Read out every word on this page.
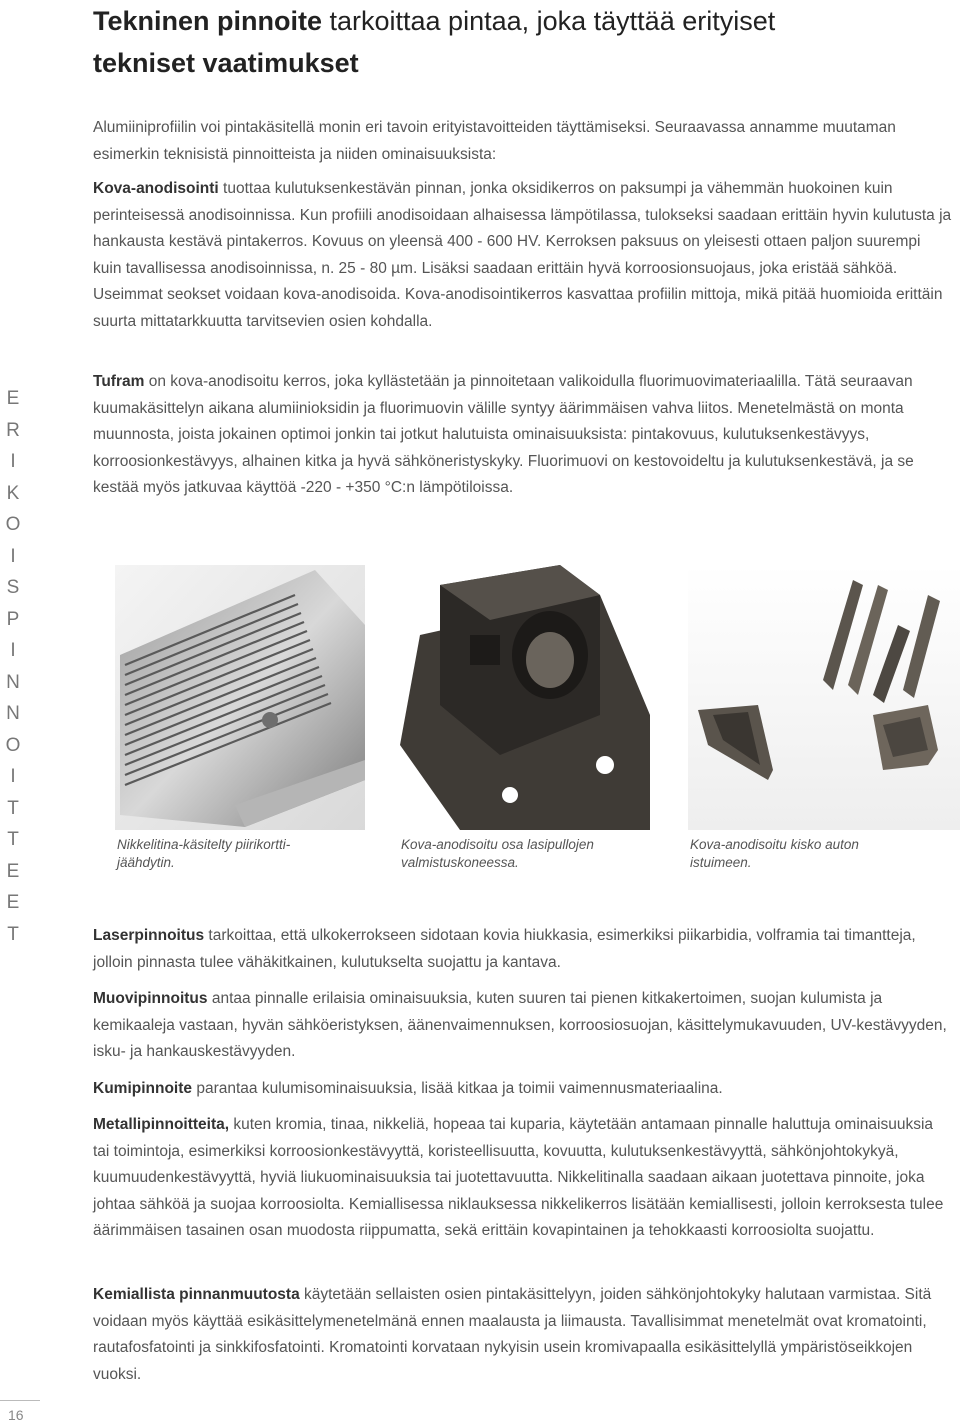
Tekninen pinnoite tarkoittaa pintaa, joka täyttää erityiset
tekniset vaatimukset

Alumiiniprofiilin voi pintakäsitellä monin eri tavoin erityistavoitteiden täyttämiseksi. Seuraavassa annamme muutaman esimerkin teknisistä pinnoitteista ja niiden ominaisuuksista:

Kova-anodisointi tuottaa kulutuksenkestävän pinnan, jonka oksidikerros on paksumpi ja vähemmän huokoinen kuin perinteisessä anodisoinnissa. Kun profiili anodisoidaan alhaisessa lämpötilassa, tulokseksi saadaan erittäin hyvin kulutusta ja hankausta kestävä pintakerros. Kovuus on yleensä 400 - 600 HV. Kerroksen paksuus on yleisesti ottaen paljon suurempi kuin tavallisessa anodisoinnissa, n. 25 - 80 µm. Lisäksi saadaan erittäin hyvä korroosionsuojaus, joka eristää sähköä. Useimmat seokset voidaan kova-anodisoida. Kova-anodisointikerros kasvattaa profiilin mittoja, mikä pitää huomioida erittäin suurta mittatarkkuutta tarvitsevien osien kohdalla.

Tufram on kova-anodisoitu kerros, joka kyllästetään ja pinnoitetaan valikoidulla fluorimuovimateriaalilla. Tätä seuraavan kuumakäsittelyn aikana alumiinioksidin ja fluorimuovin välille syntyy äärimmäisen vahva liitos. Menetelmästä on monta muunnosta, joista jokainen optimoi jonkin tai jotkut halutuista ominaisuuksista: pintakovuus, kulutuksenkestävyys, korroosionkestävyys, alhainen kitka ja hyvä sähköneristyskyky. Fluorimuovi on kestovoideltu ja kulutuksenkestävä, ja se kestää myös jatkuvaa käyttöä -220 - +350 °C:n lämpötiloissa.

Nikkelitina-käsitelty piirikortti-jäähdytin.

Kova-anodisoitu osa lasipullojen valmistuskoneessa.

Kova-anodisoitu kisko auton istuimeen.

Laserpinnoitus tarkoittaa, että ulkokerrokseen sidotaan kovia hiukkasia, esimerkiksi piikarbidia, volframia tai timantteja, jolloin pinnasta tulee vähäkitkainen, kulutukselta suojattu ja kantava.

Muovipinnoitus antaa pinnalle erilaisia ominaisuuksia, kuten suuren tai pienen kitkakertoimen, suojan kulumista ja kemikaaleja vastaan, hyvän sähköeristyksen, äänenvaimennuksen, korroosiosuojan, käsittelymukavuuden, UV-kestävyyden, isku- ja hankauskestävyyden.

Kumipinnoite parantaa kulumisominaisuuksia, lisää kitkaa ja toimii vaimennusmateriaalina.

Metallipinnoitteita, kuten kromia, tinaa, nikkeliä, hopeaa tai kuparia, käytetään antamaan pinnalle haluttuja ominaisuuksia tai toimintoja, esimerkiksi korroosionkestävyyttä, koristeellisuutta, kovuutta, kulutuksenkestävyyttä, sähkönjohtokykyä, kuumuudenkestävyyttä, hyviä liukuominaisuuksia tai juotettavuutta. Nikkelitinalla saadaan aikaan juotettava pinnoite, joka johtaa sähköä ja suojaa korroosiolta. Kemiallisessa niklauksessa nikkelikerros lisätään kemiallisesti, jolloin kerroksesta tulee äärimmäisen tasainen osan muodosta riippumatta, sekä erittäin kovapintainen ja tehokkaasti korroosiolta suojattu.

Kemiallista pinnanmuutosta käytetään sellaisten osien pintakäsittelyyn, joiden sähkönjohtokyky halutaan varmistaa. Sitä voidaan myös käyttää esikäsittelymenetelmänä ennen maalausta ja liimausta. Tavallisimmat menetelmät ovat kromatointi, rautafosfatointi ja sinkkifosfatointi. Kromatointi korvataan nykyisin usein kromivapaalla esikäsittelyllä ympäristöseikkojen vuoksi.

E
R
I
K
O
I
S
P
I
N
N
O
I
T
T
E
E
T
16
